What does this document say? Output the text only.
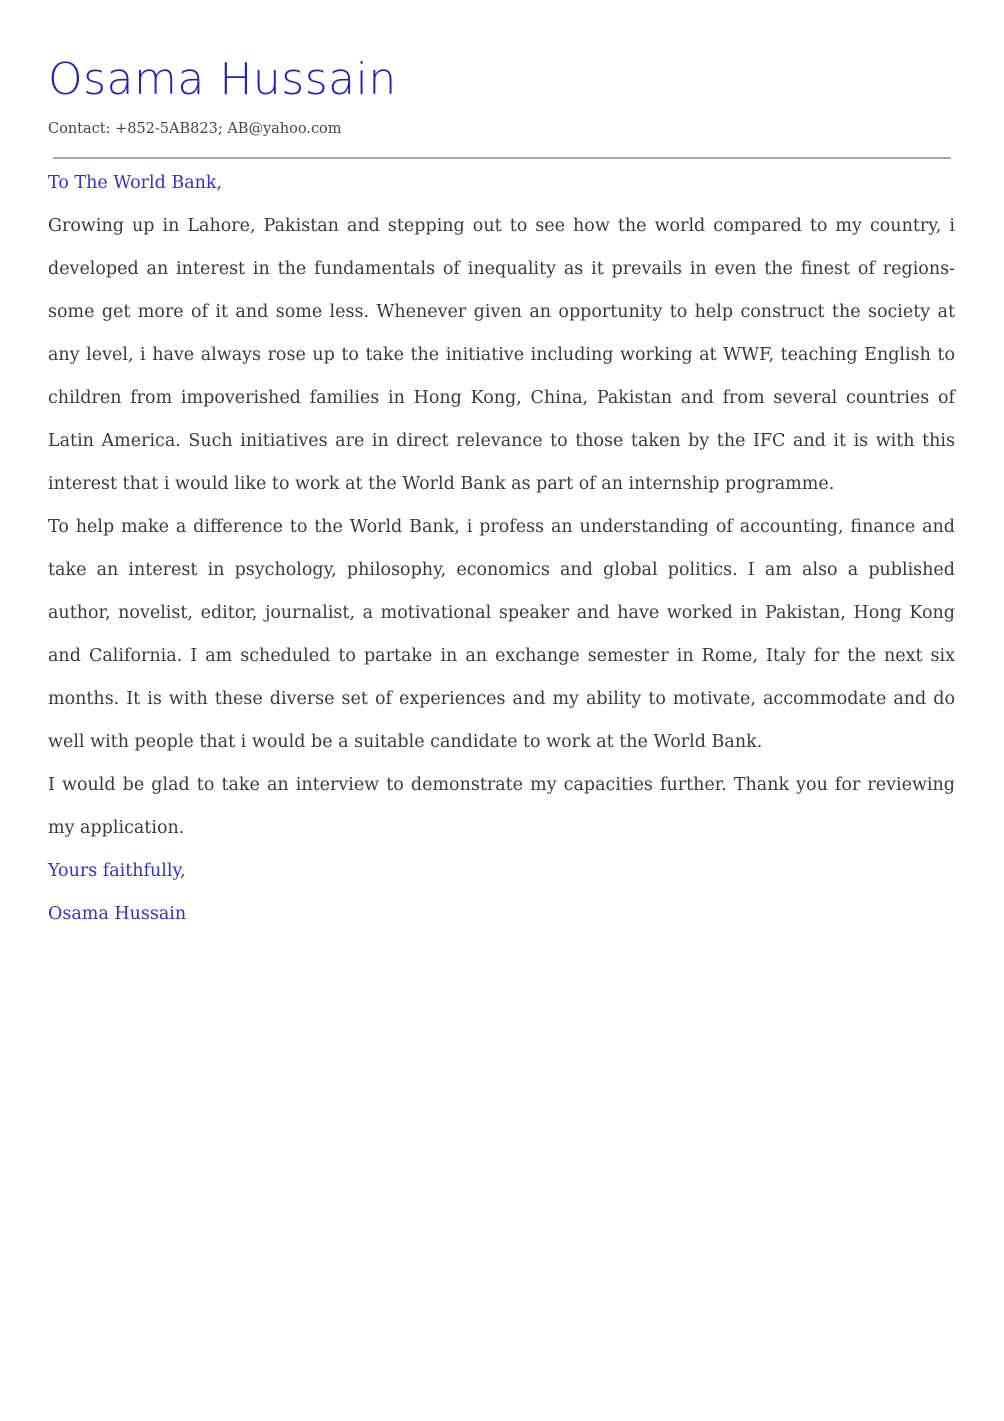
Osama Hussain
Contact: +852-5AB823; AB@yahoo.com

To The World Bank,

Growing up in Lahore, Pakistan and stepping out to see how the world compared to my country, i developed an interest in the fundamentals of inequality as it prevails in even the finest of regions- some get more of it and some less. Whenever given an opportunity to help construct the society at any level, i have always rose up to take the initiative including working at WWF, teaching English to children from impoverished families in Hong Kong, China, Pakistan and from several countries of Latin America. Such initiatives are in direct relevance to those taken by the IFC and it is with this interest that i would like to work at the World Bank as part of an internship programme.

To help make a difference to the World Bank, i profess an understanding of accounting, finance and take an interest in psychology, philosophy, economics and global politics. I am also a published author, novelist, editor, journalist, a motivational speaker and have worked in Pakistan, Hong Kong and California. I am scheduled to partake in an exchange semester in Rome, Italy for the next six months. It is with these diverse set of experiences and my ability to motivate, accommodate and do well with people that i would be a suitable candidate to work at the World Bank.

I would be glad to take an interview to demonstrate my capacities further. Thank you for reviewing my application.

Yours faithfully,

Osama Hussain
